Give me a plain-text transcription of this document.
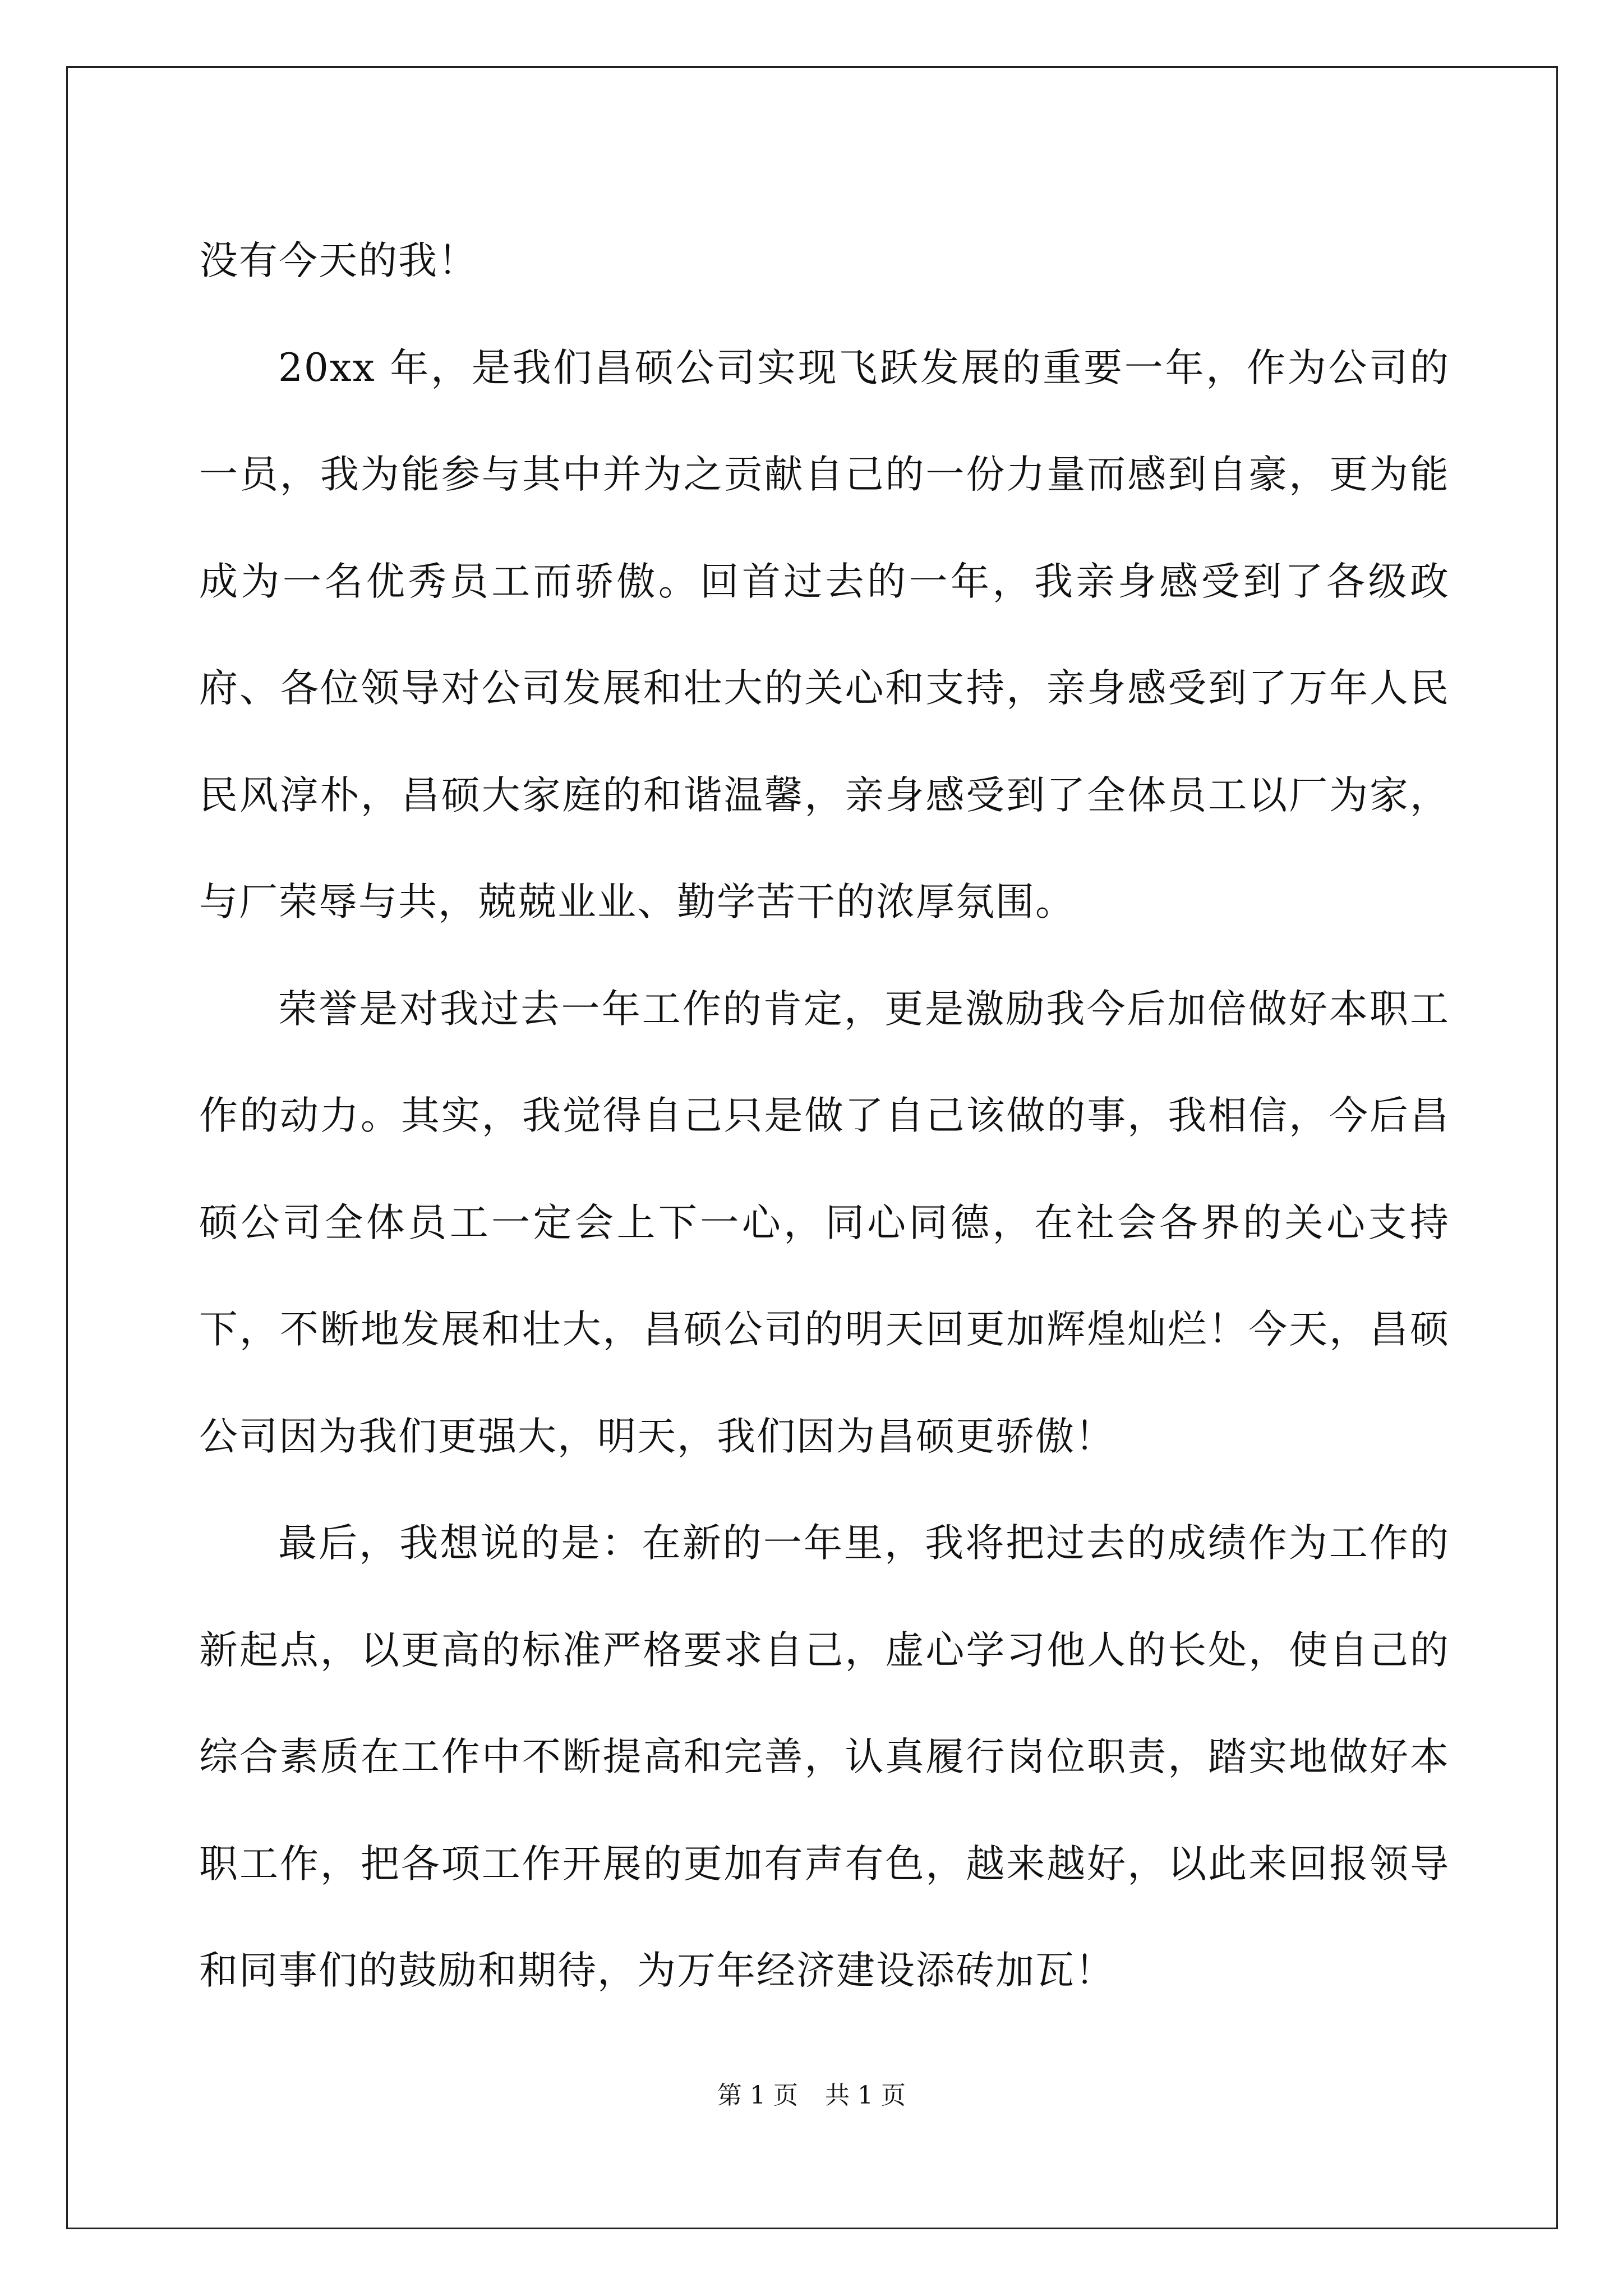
没有今天的我！

20xx 年，是我们昌硕公司实现飞跃发展的重要一年，作为公司的一员，我为能参与其中并为之贡献自己的一份力量而感到自豪，更为能成为一名优秀员工而骄傲。回首过去的一年，我亲身感受到了各级政府、各位领导对公司发展和壮大的关心和支持，亲身感受到了万年人民民风淳朴，昌硕大家庭的和谐温馨，亲身感受到了全体员工以厂为家，与厂荣辱与共，兢兢业业、勤学苦干的浓厚氛围。

荣誉是对我过去一年工作的肯定，更是激励我今后加倍做好本职工作的动力。其实，我觉得自己只是做了自己该做的事，我相信，今后昌硕公司全体员工一定会上下一心，同心同德，在社会各界的关心支持下，不断地发展和壮大，昌硕公司的明天回更加辉煌灿烂！今天，昌硕公司因为我们更强大，明天，我们因为昌硕更骄傲！

最后，我想说的是：在新的一年里，我将把过去的成绩作为工作的新起点，以更高的标准严格要求自己，虚心学习他人的长处，使自己的综合素质在工作中不断提高和完善，认真履行岗位职责，踏实地做好本职工作，把各项工作开展的更加有声有色，越来越好，以此来回报领导和同事们的鼓励和期待，为万年经济建设添砖加瓦！

第 1 页 共 1 页
